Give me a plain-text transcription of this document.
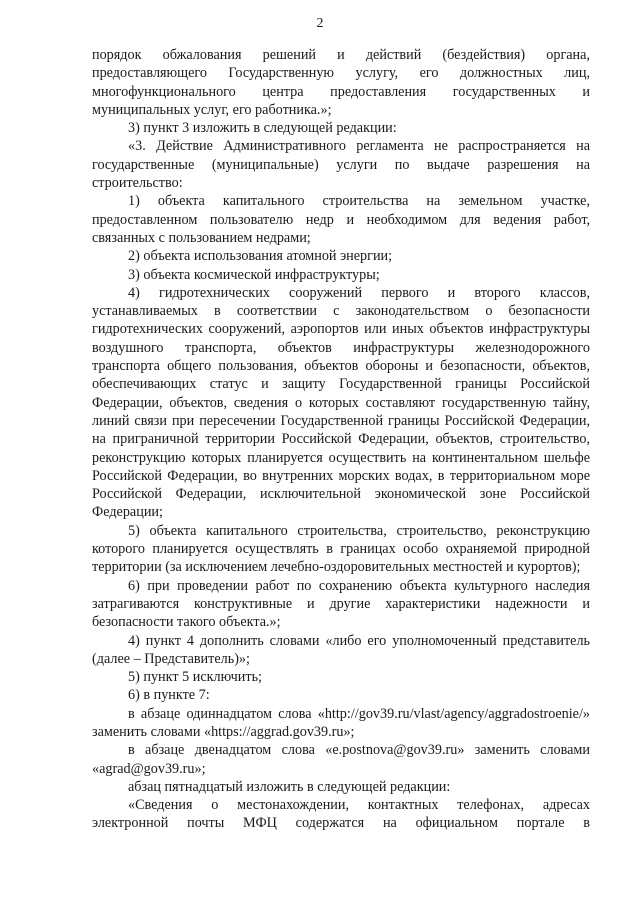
2

порядок обжалования решений и действий (бездействия) органа, предоставляющего Государственную услугу, его должностных лиц, многофункционального центра предоставления государственных и муниципальных услуг, его работника.»;

3) пункт 3 изложить в следующей редакции:

«3. Действие Административного регламента не распространяется на государственные (муниципальные) услуги по выдаче разрешения на строительство:

1) объекта капитального строительства на земельном участке, предоставленном пользователю недр и необходимом для ведения работ, связанных с пользованием недрами;

2) объекта использования атомной энергии;

3) объекта космической инфраструктуры;

4) гидротехнических сооружений первого и второго классов, устанавливаемых в соответствии с законодательством о безопасности гидротехнических сооружений, аэропортов или иных объектов инфраструктуры воздушного транспорта, объектов инфраструктуры железнодорожного транспорта общего пользования, объектов обороны и безопасности, объектов, обеспечивающих статус и защиту Государственной границы Российской Федерации, объектов, сведения о которых составляют государственную тайну, линий связи при пересечении Государственной границы Российской Федерации, на приграничной территории Российской Федерации, объектов, строительство, реконструкцию которых планируется осуществить на континентальном шельфе Российской Федерации, во внутренних морских водах, в территориальном море Российской Федерации, исключительной экономической зоне Российской Федерации;

5) объекта капитального строительства, строительство, реконструкцию которого планируется осуществлять в границах особо охраняемой природной территории (за исключением лечебно-оздоровительных местностей и курортов);

6) при проведении работ по сохранению объекта культурного наследия затрагиваются конструктивные и другие характеристики надежности и безопасности такого объекта.»;

4) пункт 4 дополнить словами «либо его уполномоченный представитель (далее – Представитель)»;

5) пункт 5 исключить;

6) в пункте 7:

в абзаце одиннадцатом слова «http://gov39.ru/vlast/agency/aggradostroenie/» заменить словами «https://aggrad.gov39.ru»;

в абзаце двенадцатом слова «e.postnova@gov39.ru» заменить словами «agrad@gov39.ru»;

абзац пятнадцатый изложить в следующей редакции:

«Сведения о местонахождении, контактных телефонах, адресах электронной почты МФЦ содержатся на официальном портале в
